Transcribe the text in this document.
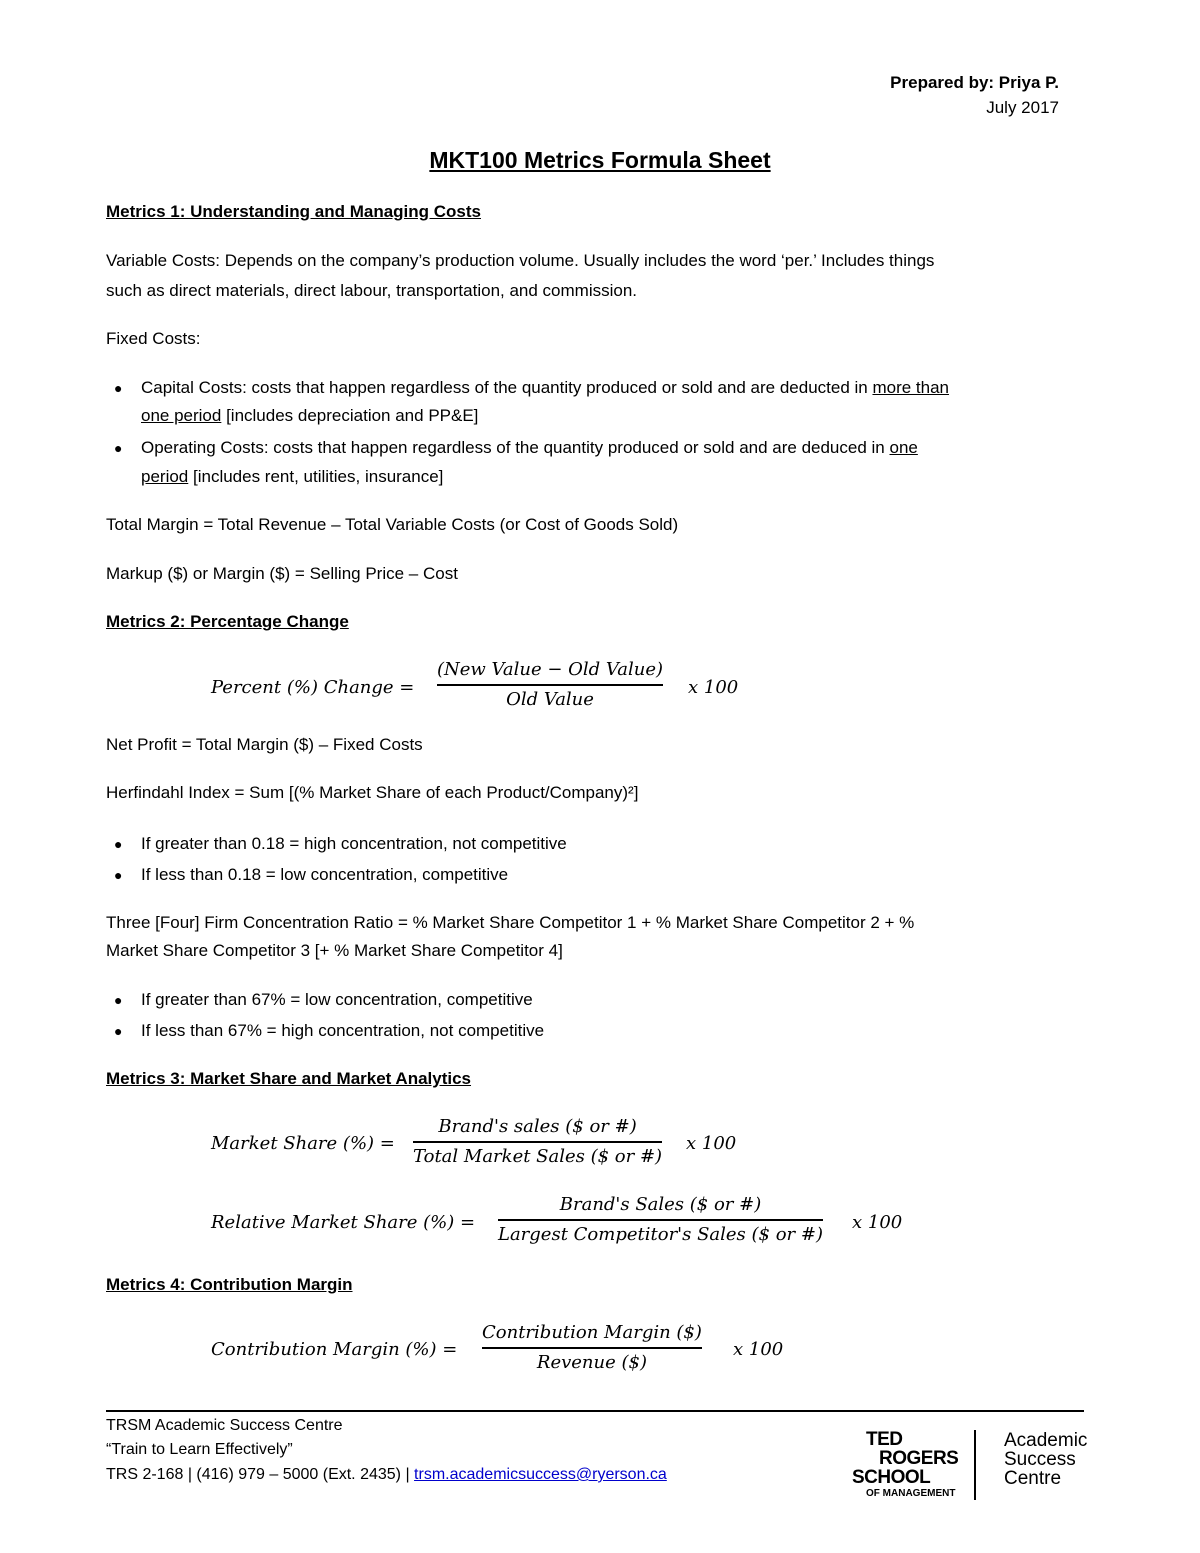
Prepared by: Priya P.
July 2017
MKT100 Metrics Formula Sheet
Metrics 1: Understanding and Managing Costs
Variable Costs: Depends on the company’s production volume. Usually includes the word ‘per.’ Includes things
such as direct materials, direct labour, transportation, and commission.
Fixed Costs:
● Capital Costs: costs that happen regardless of the quantity produced or sold and are deducted in more than
one period [includes depreciation and PP&E]
● Operating Costs: costs that happen regardless of the quantity produced or sold and are deduced in one
period [includes rent, utilities, insurance]
Total Margin = Total Revenue – Total Variable Costs (or Cost of Goods Sold)
Markup ($) or Margin ($) = Selling Price – Cost
Metrics 2: Percentage Change
Percent (%) Change =
(New Value − Old Value)
Old Value
x 100
Net Profit = Total Margin ($) – Fixed Costs
Herfindahl Index = Sum [(% Market Share of each Product/Company)²]
● If greater than 0.18 = high concentration, not competitive
● If less than 0.18 = low concentration, competitive
Three [Four] Firm Concentration Ratio = % Market Share Competitor 1 + % Market Share Competitor 2 + %
Market Share Competitor 3 [+ % Market Share Competitor 4]
● If greater than 67% = low concentration, competitive
● If less than 67% = high concentration, not competitive
Metrics 3: Market Share and Market Analytics
Market Share (%) =
Brand's sales ($ or #)
Total Market Sales ($ or #)
x 100
Relative Market Share (%) =
Brand's Sales ($ or #)
Largest Competitor's Sales ($ or #)
x 100
Metrics 4: Contribution Margin
Contribution Margin (%) =
Contribution Margin ($)
Revenue ($)
x 100
TRSM Academic Success Centre
“Train to Learn Effectively”
TRS 2-168 | (416) 979 – 5000 (Ext. 2435) | trsm.academicsuccess@ryerson.ca
TED
ROGERS
SCHOOL
OF MANAGEMENT
Academic
Success
Centre
